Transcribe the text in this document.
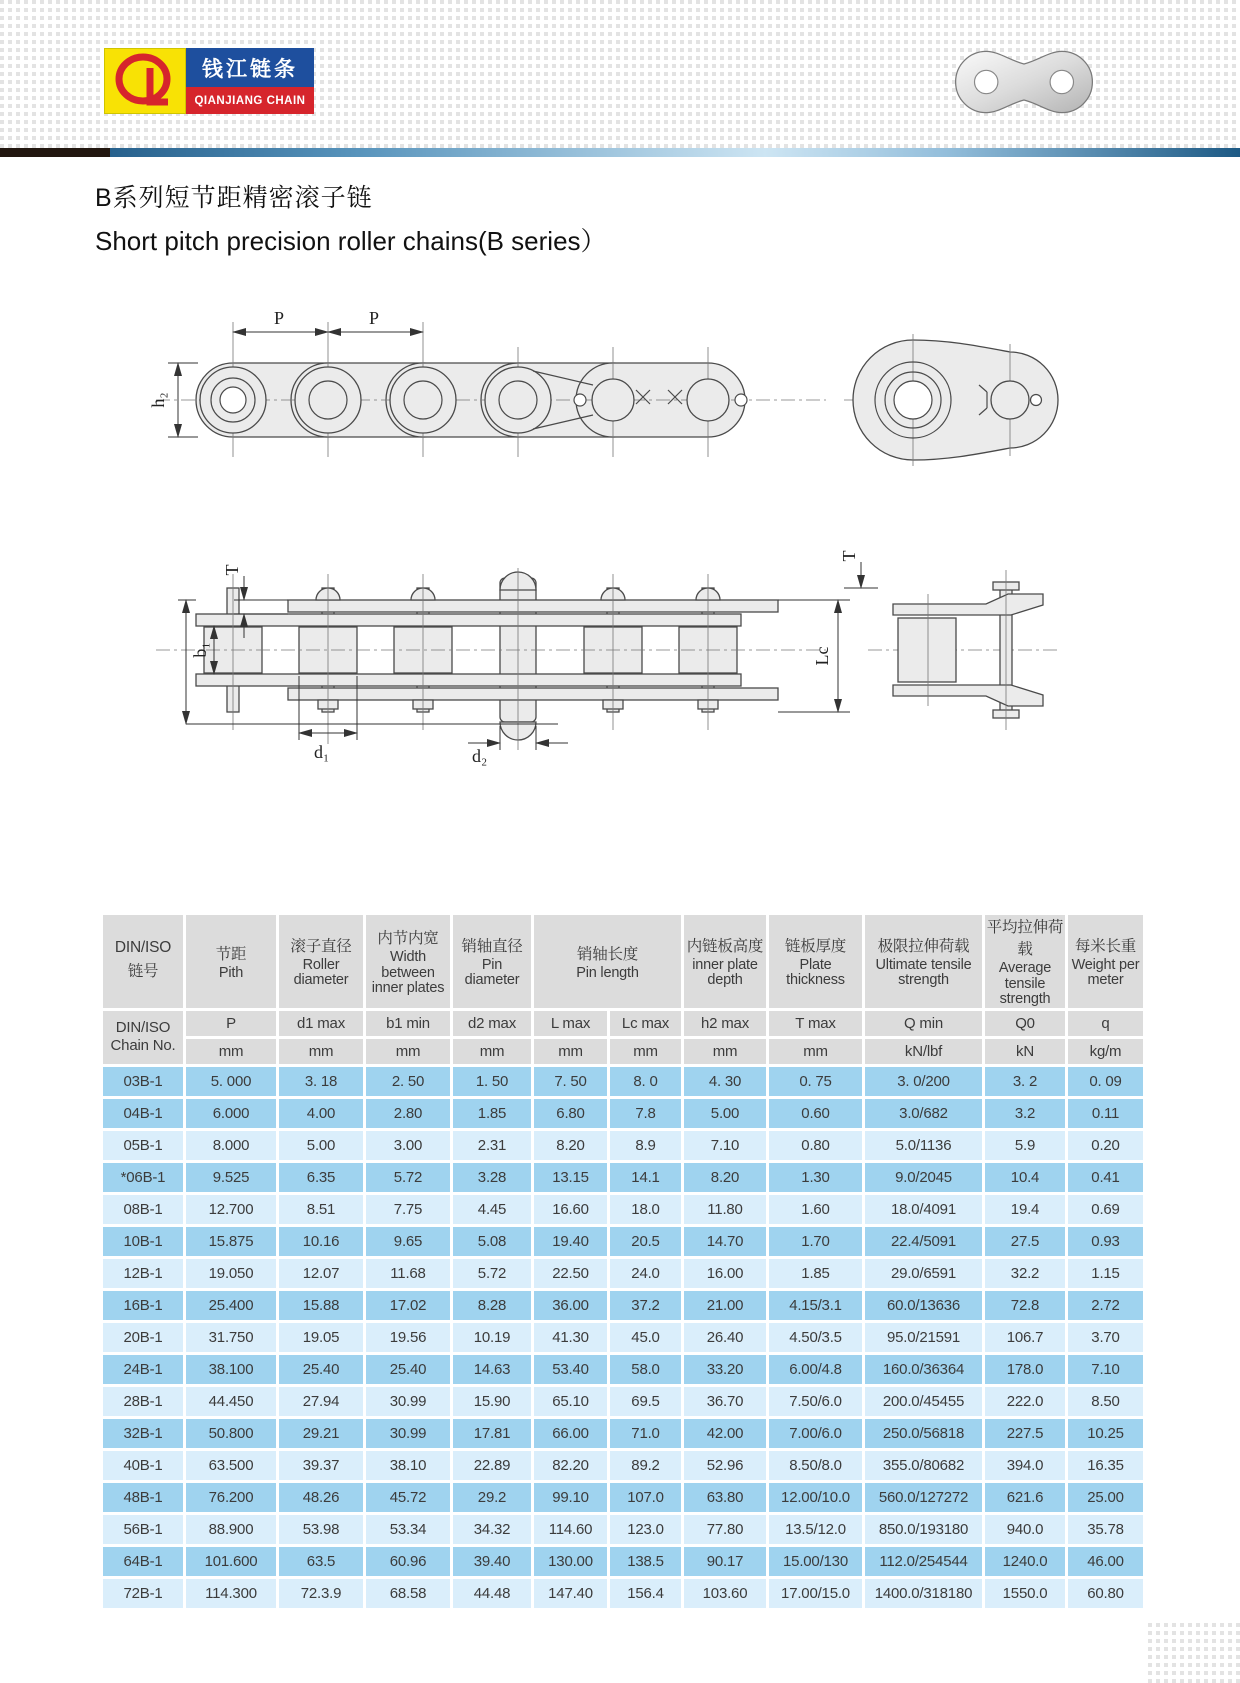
钱江链条
QIANJIANG CHAIN
B系列短节距精密滚子链
Short pitch precision roller chains(B series）
P	P
h₂
T
b₁
d₁	d₂
Lc
T
DIN/ISO
链号

节距
Pith

滚子直径
Roller diameter

内节内宽
Width between inner plates

销轴直径
Pin diameter

销轴长度
Pin length

内链板高度
inner plate depth

链板厚度
Plate thickness

极限拉伸荷载
Ultimate tensile strength

平均拉伸荷载
Average tensile strength

每米长重
Weight per meter

DIN/ISO
Chain No.	P	d1 max	b1 min	d2 max	L max	Lc max	h2 max	T max	Q min	Q0	q
	mm	mm	mm	mm	mm	mm	mm	mm	kN/lbf	kN	kg/m
03B-1	5. 000	3. 18	2. 50	1. 50	7. 50	8. 0	4. 30	0. 75	3. 0/200	3. 2	0. 09
04B-1	6.000	4.00	2.80	1.85	6.80	7.8	5.00	0.60	3.0/682	3.2	0.11
05B-1	8.000	5.00	3.00	2.31	8.20	8.9	7.10	0.80	5.0/1136	5.9	0.20
*06B-1	9.525	6.35	5.72	3.28	13.15	14.1	8.20	1.30	9.0/2045	10.4	0.41
08B-1	12.700	8.51	7.75	4.45	16.60	18.0	11.80	1.60	18.0/4091	19.4	0.69
10B-1	15.875	10.16	9.65	5.08	19.40	20.5	14.70	1.70	22.4/5091	27.5	0.93
12B-1	19.050	12.07	11.68	5.72	22.50	24.0	16.00	1.85	29.0/6591	32.2	1.15
16B-1	25.400	15.88	17.02	8.28	36.00	37.2	21.00	4.15/3.1	60.0/13636	72.8	2.72
20B-1	31.750	19.05	19.56	10.19	41.30	45.0	26.40	4.50/3.5	95.0/21591	106.7	3.70
24B-1	38.100	25.40	25.40	14.63	53.40	58.0	33.20	6.00/4.8	160.0/36364	178.0	7.10
28B-1	44.450	27.94	30.99	15.90	65.10	69.5	36.70	7.50/6.0	200.0/45455	222.0	8.50
32B-1	50.800	29.21	30.99	17.81	66.00	71.0	42.00	7.00/6.0	250.0/56818	227.5	10.25
40B-1	63.500	39.37	38.10	22.89	82.20	89.2	52.96	8.50/8.0	355.0/80682	394.0	16.35
48B-1	76.200	48.26	45.72	29.2	99.10	107.0	63.80	12.00/10.0	560.0/127272	621.6	25.00
56B-1	88.900	53.98	53.34	34.32	114.60	123.0	77.80	13.5/12.0	850.0/193180	940.0	35.78
64B-1	101.600	63.5	60.96	39.40	130.00	138.5	90.17	15.00/130	112.0/254544	1240.0	46.00
72B-1	114.300	72.3.9	68.58	44.48	147.40	156.4	103.60	17.00/15.0	1400.0/318180	1550.0	60.80
